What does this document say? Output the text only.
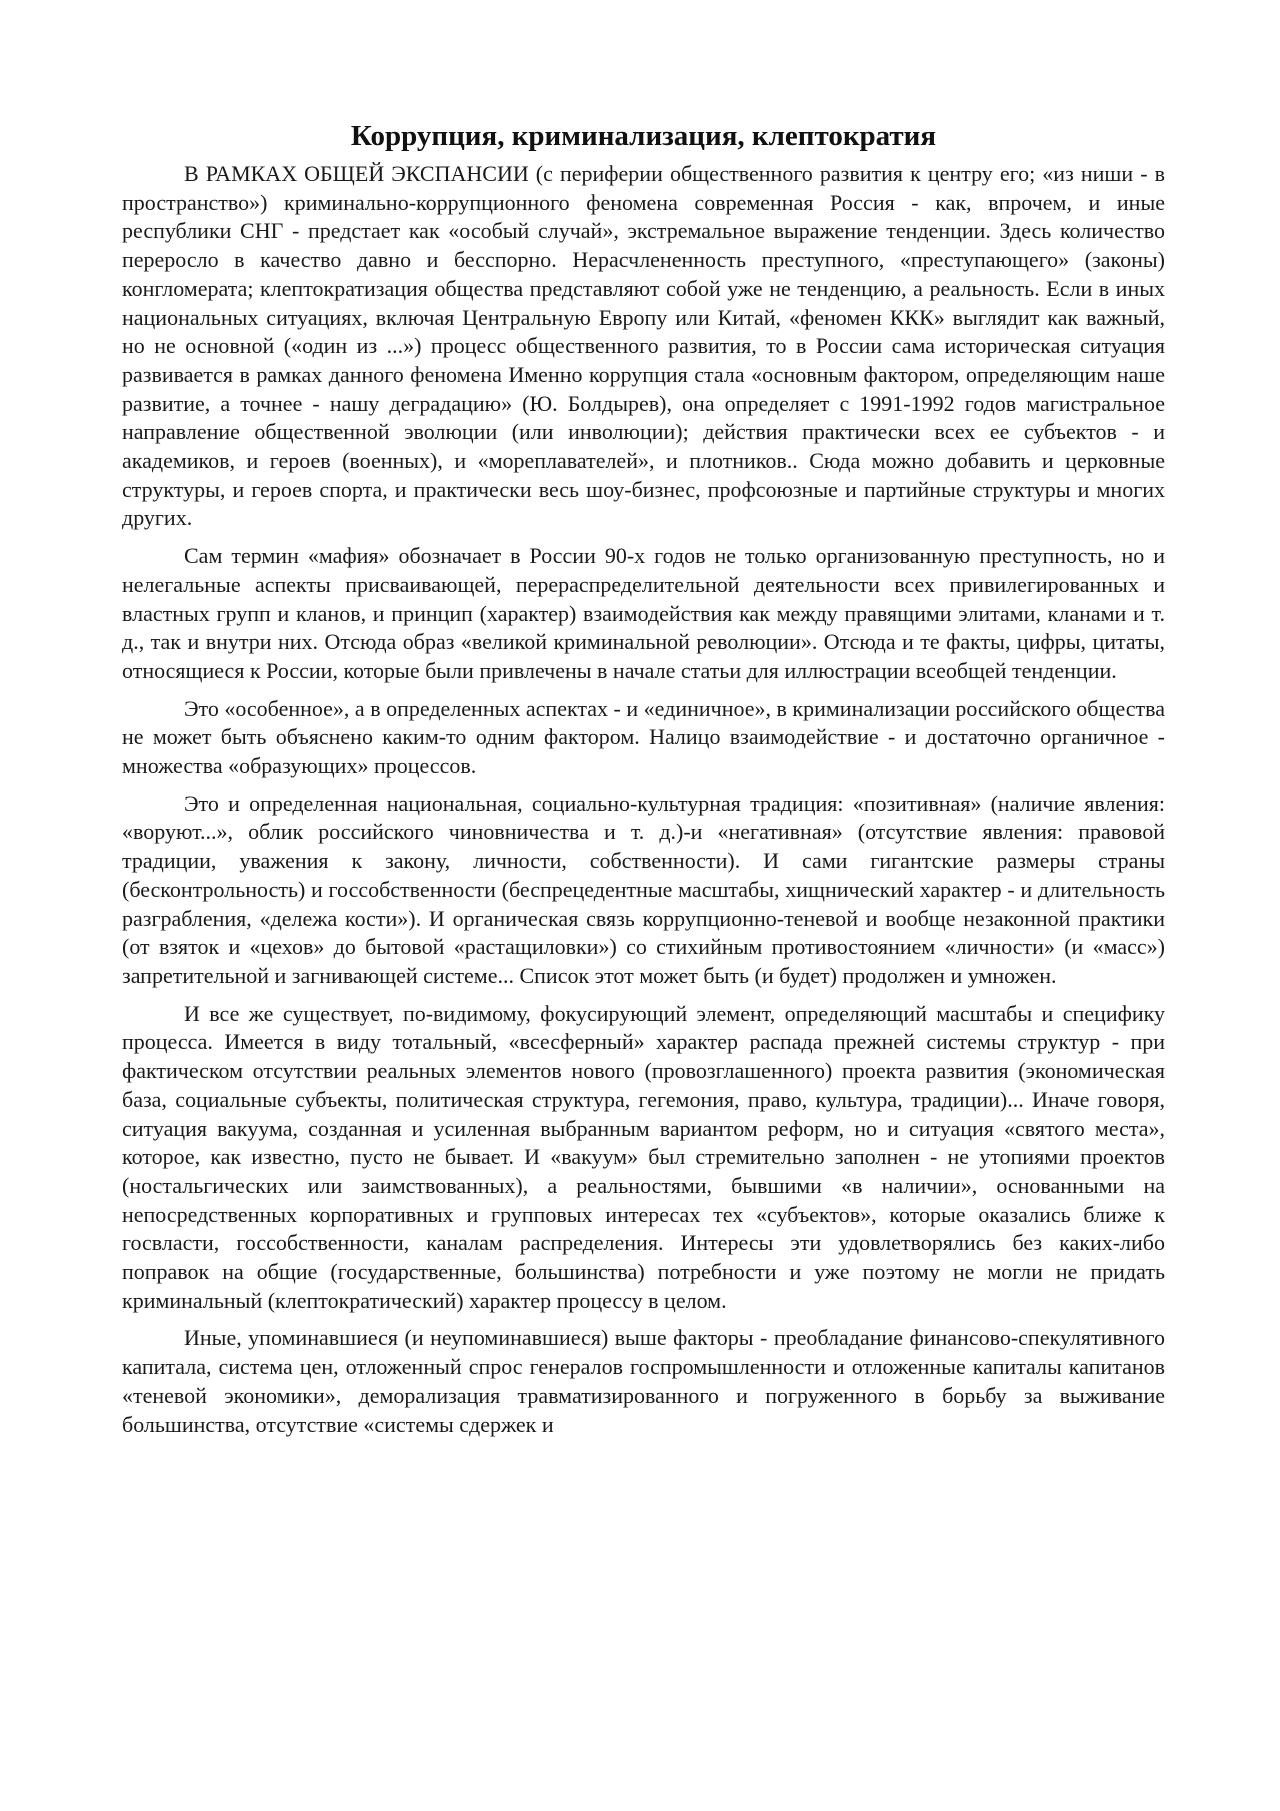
Коррупция, криминализация, клептократия

В РАМКАХ ОБЩЕЙ ЭКСПАНСИИ (с периферии общественного развития к центру его; «из ниши - в пространство») криминально-коррупционного феномена современная Россия - как, впрочем, и иные республики СНГ - предстает как «особый случай», экстремальное выражение тенденции. Здесь количество переросло в качество давно и бесспорно. Нерасчлененность преступного, «преступающего» (законы) конгломерата; клептократизация общества представляют собой уже не тенденцию, а реальность. Если в иных национальных ситуациях, включая Центральную Европу или Китай, «феномен ККК» выглядит как важный, но не основной («один из ...») процесс общественного развития, то в России сама историческая ситуация развивается в рамках данного феномена Именно коррупция стала «основным фактором, определяющим наше развитие, а точнее - нашу деградацию» (Ю. Болдырев), она определяет с 1991-1992 годов магистральное направление общественной эволюции (или инволюции); действия практически всех ее субъектов - и академиков, и героев (военных), и «мореплавателей», и плотников.. Сюда можно добавить и церковные структуры, и героев спорта, и практически весь шоу-бизнес, профсоюзные и партийные структуры и многих других.

Сам термин «мафия» обозначает в России 90-х годов не только организованную преступность, но и нелегальные аспекты присваивающей, перераспределительной деятельности всех привилегированных и властных групп и кланов, и принцип (характер) взаимодействия как между правящими элитами, кланами и т. д., так и внутри них. Отсюда образ «великой криминальной революции». Отсюда и те факты, цифры, цитаты, относящиеся к России, которые были привлечены в начале статьи для иллюстрации всеобщей тенденции.

Это «особенное», а в определенных аспектах - и «единичное», в криминализации российского общества не может быть объяснено каким-то одним фактором. Налицо взаимодействие - и достаточно органичное - множества «образующих» процессов.

Это и определенная национальная, социально-культурная традиция: «позитивная» (наличие явления: «воруют...», облик российского чиновничества и т. д.)-и «негативная» (отсутствие явления: правовой традиции, уважения к закону, личности, собственности). И сами гигантские размеры страны (бесконтрольность) и госсобственности (беспрецедентные масштабы, хищнический характер - и длительность разграбления, «дележа кости»). И органическая связь коррупционно-теневой и вообще незаконной практики (от взяток и «цехов» до бытовой «растащиловки») со стихийным противостоянием «личности» (и «масс») запретительной и загнивающей системе... Список этот может быть (и будет) продолжен и умножен.

И все же существует, по-видимому, фокусирующий элемент, определяющий масштабы и специфику процесса. Имеется в виду тотальный, «всесферный» характер распада прежней системы структур - при фактическом отсутствии реальных элементов нового (провозглашенного) проекта развития (экономическая база, социальные субъекты, политическая структура, гегемония, право, культура, традиции)... Иначе говоря, ситуация вакуума, созданная и усиленная выбранным вариантом реформ, но и ситуация «святого места», которое, как известно, пусто не бывает. И «вакуум» был стремительно заполнен - не утопиями проектов (ностальгических или заимствованных), а реальностями, бывшими «в наличии», основанными на непосредственных корпоративных и групповых интересах тех «субъектов», которые оказались ближе к госвласти, госсобственности, каналам распределения. Интересы эти удовлетворялись без каких-либо поправок на общие (государственные, большинства) потребности и уже поэтому не могли не придать криминальный (клептократический) характер процессу в целом.

Иные, упоминавшиеся (и неупоминавшиеся) выше факторы - преобладание финансово-спекулятивного капитала, система цен, отложенный спрос генералов госпромышленности и отложенные капиталы капитанов «теневой экономики», деморализация травматизированного и погруженного в борьбу за выживание большинства, отсутствие «системы сдержек и
